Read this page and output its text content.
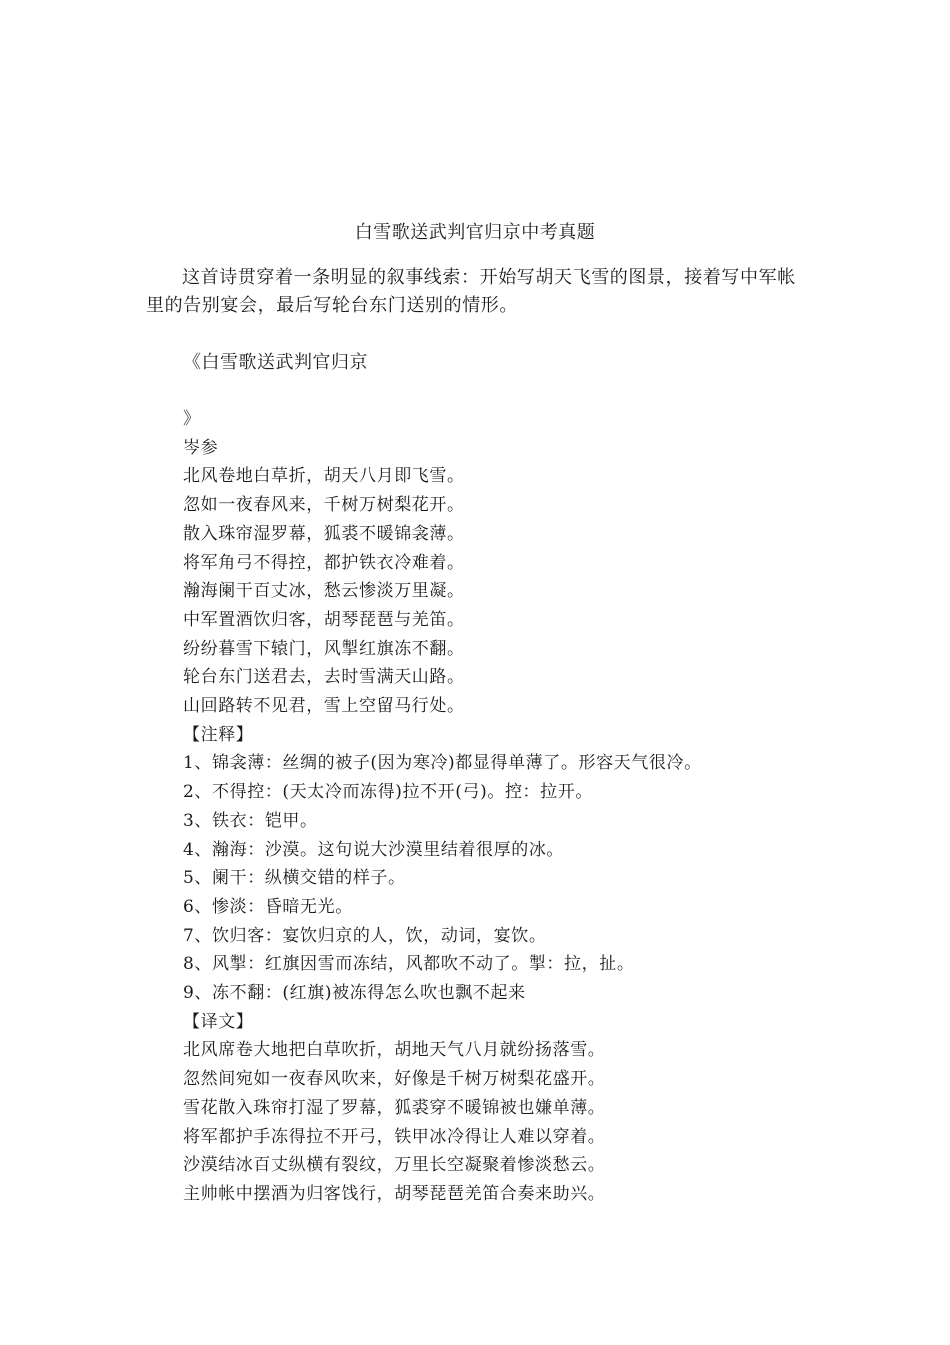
白雪歌送武判官归京中考真题
这首诗贯穿着一条明显的叙事线索：开始写胡天飞雪的图景，接着写中军帐里的告别宴会，最后写轮台东门送别的情形。
《白雪歌送武判官归京
》
岑参
北风卷地白草折，胡天八月即飞雪。
忽如一夜春风来，千树万树梨花开。
散入珠帘湿罗幕，狐裘不暖锦衾薄。
将军角弓不得控，都护铁衣冷难着。
瀚海阑干百丈冰，愁云惨淡万里凝。
中军置酒饮归客，胡琴琵琶与羌笛。
纷纷暮雪下辕门，风掣红旗冻不翻。
轮台东门送君去，去时雪满天山路。
山回路转不见君，雪上空留马行处。
【注释】
1、锦衾薄：丝绸的被子(因为寒冷)都显得单薄了。形容天气很冷。
2、不得控：(天太冷而冻得)拉不开(弓)。控：拉开。
3、铁衣：铠甲。
4、瀚海：沙漠。这句说大沙漠里结着很厚的冰。
5、阑干：纵横交错的样子。
6、惨淡：昏暗无光。
7、饮归客：宴饮归京的人，饮，动词，宴饮。
8、风掣：红旗因雪而冻结，风都吹不动了。掣：拉，扯。
9、冻不翻：(红旗)被冻得怎么吹也飘不起来
【译文】
北风席卷大地把白草吹折，胡地天气八月就纷扬落雪。
忽然间宛如一夜春风吹来，好像是千树万树梨花盛开。
雪花散入珠帘打湿了罗幕，狐裘穿不暖锦被也嫌单薄。
将军都护手冻得拉不开弓，铁甲冰冷得让人难以穿着。
沙漠结冰百丈纵横有裂纹，万里长空凝聚着惨淡愁云。
主帅帐中摆酒为归客饯行，胡琴琵琶羌笛合奏来助兴。
